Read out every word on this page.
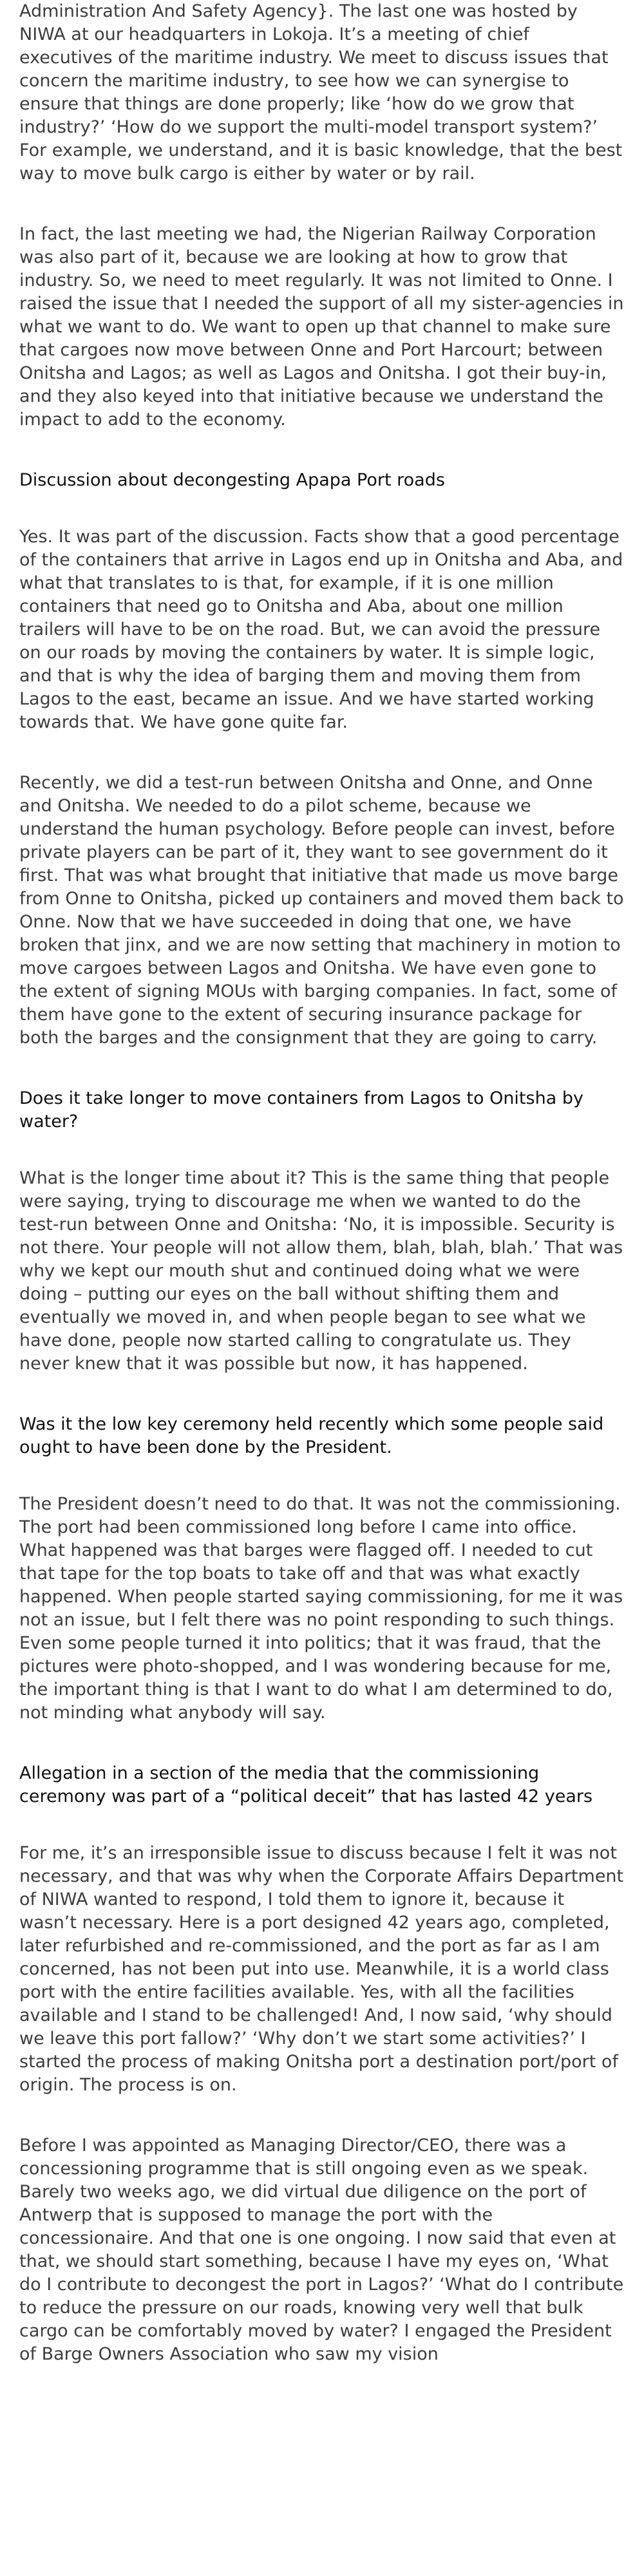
Administration And Safety Agency}. The last one was hosted by NIWA at our headquarters in Lokoja. It’s a meeting of chief executives of the maritime industry. We meet to discuss issues that concern the maritime industry, to see how we can synergise to ensure that things are done properly; like ‘how do we grow that industry?’ ‘How do we support the multi-model transport system?’ For example, we understand, and it is basic knowledge, that the best way to move bulk cargo is either by water or by rail.

In fact, the last meeting we had, the Nigerian Railway Corporation was also part of it, because we are looking at how to grow that industry. So, we need to meet regularly. It was not limited to Onne. I raised the issue that I needed the support of all my sister-agencies in what we want to do. We want to open up that channel to make sure that cargoes now move between Onne and Port Harcourt; between Onitsha and Lagos; as well as Lagos and Onitsha. I got their buy-in, and they also keyed into that initiative because we understand the impact to add to the economy.

Discussion about decongesting Apapa Port roads

Yes. It was part of the discussion. Facts show that a good percentage of the containers that arrive in Lagos end up in Onitsha and Aba, and what that translates to is that, for example, if it is one million containers that need go to Onitsha and Aba, about one million trailers will have to be on the road. But, we can avoid the pressure on our roads by moving the containers by water. It is simple logic, and that is why the idea of barging them and moving them from Lagos to the east, became an issue. And we have started working towards that. We have gone quite far.

Recently, we did a test-run between Onitsha and Onne, and Onne and Onitsha. We needed to do a pilot scheme, because we understand the human psychology. Before people can invest, before private players can be part of it, they want to see government do it first. That was what brought that initiative that made us move barge from Onne to Onitsha, picked up containers and moved them back to Onne. Now that we have succeeded in doing that one, we have broken that jinx, and we are now setting that machinery in motion to move cargoes between Lagos and Onitsha. We have even gone to the extent of signing MOUs with barging companies. In fact, some of them have gone to the extent of securing insurance package for both the barges and the consignment that they are going to carry.

Does it take longer to move containers from Lagos to Onitsha by water?

What is the longer time about it? This is the same thing that people were saying, trying to discourage me when we wanted to do the test-run between Onne and Onitsha: ‘No, it is impossible. Security is not there. Your people will not allow them, blah, blah, blah.’ That was why we kept our mouth shut and continued doing what we were doing – putting our eyes on the ball without shifting them and eventually we moved in, and when people began to see what we have done, people now started calling to congratulate us. They never knew that it was possible but now, it has happened.

Was it the low key ceremony held recently which some people said ought to have been done by the President.

The President doesn’t need to do that. It was not the commissioning. The port had been commissioned long before I came into office. What happened was that barges were flagged off. I needed to cut that tape for the top boats to take off and that was what exactly happened. When people started saying commissioning, for me it was not an issue, but I felt there was no point responding to such things. Even some people turned it into politics; that it was fraud, that the pictures were photo-shopped, and I was wondering because for me, the important thing is that I want to do what I am determined to do, not minding what anybody will say.

Allegation in a section of the media that the commissioning ceremony was part of a “political deceit” that has lasted 42 years

For me, it’s an irresponsible issue to discuss because I felt it was not necessary, and that was why when the Corporate Affairs Department of NIWA wanted to respond, I told them to ignore it, because it wasn’t necessary. Here is a port designed 42 years ago, completed, later refurbished and re-commissioned, and the port as far as I am concerned, has not been put into use. Meanwhile, it is a world class port with the entire facilities available. Yes, with all the facilities available and I stand to be challenged! And, I now said, ‘why should we leave this port fallow?’ ‘Why don’t we start some activities?’ I started the process of making Onitsha port a destination port/port of origin. The process is on.

Before I was appointed as Managing Director/CEO, there was a concessioning programme that is still ongoing even as we speak. Barely two weeks ago, we did virtual due diligence on the port of Antwerp that is supposed to manage the port with the concessionaire. And that one is one ongoing. I now said that even at that, we should start something, because I have my eyes on, ‘What do I contribute to decongest the port in Lagos?’ ‘What do I contribute to reduce the pressure on our roads, knowing very well that bulk cargo can be comfortably moved by water? I engaged the President of Barge Owners Association who saw my vision
